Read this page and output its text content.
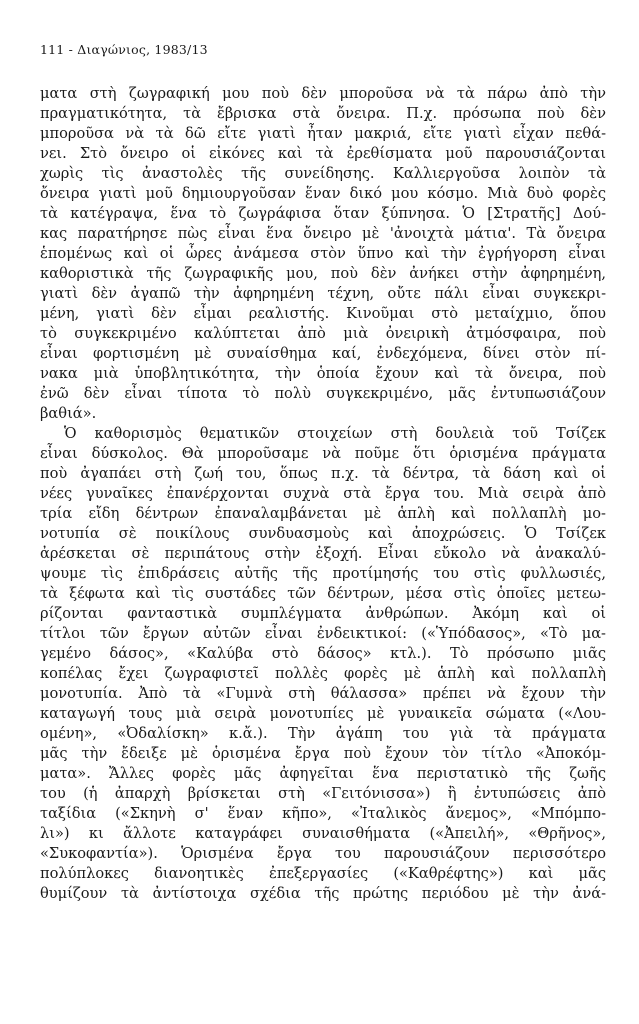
111 - Διαγώνιος, 1983/13
ματα στὴ ζωγραφική μου ποὺ δὲν μποροῦσα νὰ τὰ πάρω ἀπὸ τὴν
πραγματικότητα, τὰ ἔβρισκα στὰ ὄνειρα. Π.χ. πρόσωπα ποὺ δὲν
μποροῦσα νὰ τὰ δῶ εἴτε γιατὶ ἦταν μακριά, εἴτε γιατὶ εἶχαν πεθά-
νει. Στὸ ὄνειρο οἱ εἰκόνες καὶ τὰ ἐρεθίσματα μοῦ παρουσιάζονται
χωρὶς τὶς ἀναστολὲς τῆς συνείδησης. Καλλιεργοῦσα λοιπὸν τὰ
ὄνειρα γιατὶ μοῦ δημιουργοῦσαν ἕναν δικό μου κόσμο. Μιὰ δυὸ φορὲς
τὰ κατέγραψα, ἕνα τὸ ζωγράφισα ὅταν ξύπνησα. Ὁ [Στρατῆς] Δού-
κας παρατήρησε πὼς εἶναι ἕνα ὄνειρο μὲ 'ἀνοιχτὰ μάτια'. Τὰ ὄνειρα
ἑπομένως καὶ οἱ ὧρες ἀνάμεσα στὸν ὕπνο καὶ τὴν ἐγρήγορση εἶναι
καθοριστικὰ τῆς ζωγραφικῆς μου, ποὺ δὲν ἀνήκει στὴν ἀφηρημένη,
γιατὶ δὲν ἀγαπῶ τὴν ἀφηρημένη τέχνη, οὔτε πάλι εἶναι συγκεκρι-
μένη, γιατὶ δὲν εἶμαι ρεαλιστής. Κινοῦμαι στὸ μεταίχμιο, ὅπου
τὸ συγκεκριμένο καλύπτεται ἀπὸ μιὰ ὀνειρικὴ ἀτμόσφαιρα, ποὺ
εἶναι φορτισμένη μὲ συναίσθημα καί, ἐνδεχόμενα, δίνει στὸν πί-
νακα μιὰ ὑποβλητικότητα, τὴν ὁποία ἔχουν καὶ τὰ ὄνειρα, ποὺ
ἐνῶ δὲν εἶναι τίποτα τὸ πολὺ συγκεκριμένο, μᾶς ἐντυπωσιάζουν
βαθιά».
Ὁ καθορισμὸς θεματικῶν στοιχείων στὴ δουλειὰ τοῦ Τσίζεκ
εἶναι δύσκολος. Θὰ μποροῦσαμε νὰ ποῦμε ὅτι ὁρισμένα πράγματα
ποὺ ἀγαπάει στὴ ζωή του, ὅπως π.χ. τὰ δέντρα, τὰ δάση καὶ οἱ
νέες γυναῖκες ἐπανέρχονται συχνὰ στὰ ἔργα του. Μιὰ σειρὰ ἀπὸ
τρία εἴδη δέντρων ἐπαναλαμβάνεται μὲ ἁπλὴ καὶ πολλαπλὴ μο-
νοτυπία σὲ ποικίλους συνδυασμοὺς καὶ ἀποχρώσεις. Ὁ Τσίζεκ
ἀρέσκεται σὲ περιπάτους στὴν ἐξοχή. Εἶναι εὔκολο νὰ ἀνακαλύ-
ψουμε τὶς ἐπιδράσεις αὐτῆς τῆς προτίμησής του στὶς φυλλωσιές,
τὰ ξέφωτα καὶ τὶς συστάδες τῶν δέντρων, μέσα στὶς ὁποῖες μετεω-
ρίζονται φανταστικὰ συμπλέγματα ἀνθρώπων. Ἀκόμη καὶ οἱ
τίτλοι τῶν ἔργων αὐτῶν εἶναι ἐνδεικτικοί: («Ὑπόδασος», «Τὸ μα-
γεμένο δάσος», «Καλύβα στὸ δάσος» κτλ.). Τὸ πρόσωπο μιᾶς
κοπέλας ἔχει ζωγραφιστεῖ πολλὲς φορὲς μὲ ἁπλὴ καὶ πολλαπλὴ
μονοτυπία. Ἀπὸ τὰ «Γυμνὰ στὴ θάλασσα» πρέπει νὰ ἔχουν τὴν
καταγωγή τους μιὰ σειρὰ μονοτυπίες μὲ γυναικεῖα σώματα («Λου-
ομένη», «Ὀδαλίσκη» κ.ἄ.). Τὴν ἀγάπη του γιὰ τὰ πράγματα
μᾶς τὴν ἔδειξε μὲ ὁρισμένα ἔργα ποὺ ἔχουν τὸν τίτλο «Ἀποκόμ-
ματα». Ἄλλες φορὲς μᾶς ἀφηγεῖται ἕνα περιστατικὸ τῆς ζωῆς
του (ἡ ἀπαρχὴ βρίσκεται στὴ «Γειτόνισσα») ἢ ἐντυπώσεις ἀπὸ
ταξίδια («Σκηνὴ σ' ἕναν κῆπο», «Ἰταλικὸς ἄνεμος», «Μπόμπο-
λι») κι ἄλλοτε καταγράφει συναισθήματα («Ἀπειλή», «Θρῆνος»,
«Συκοφαντία»). Ὁρισμένα ἔργα του παρουσιάζουν περισσότερο
πολύπλοκες διανοητικὲς ἐπεξεργασίες («Καθρέφτης») καὶ μᾶς
θυμίζουν τὰ ἀντίστοιχα σχέδια τῆς πρώτης περιόδου μὲ τὴν ἀνά-
